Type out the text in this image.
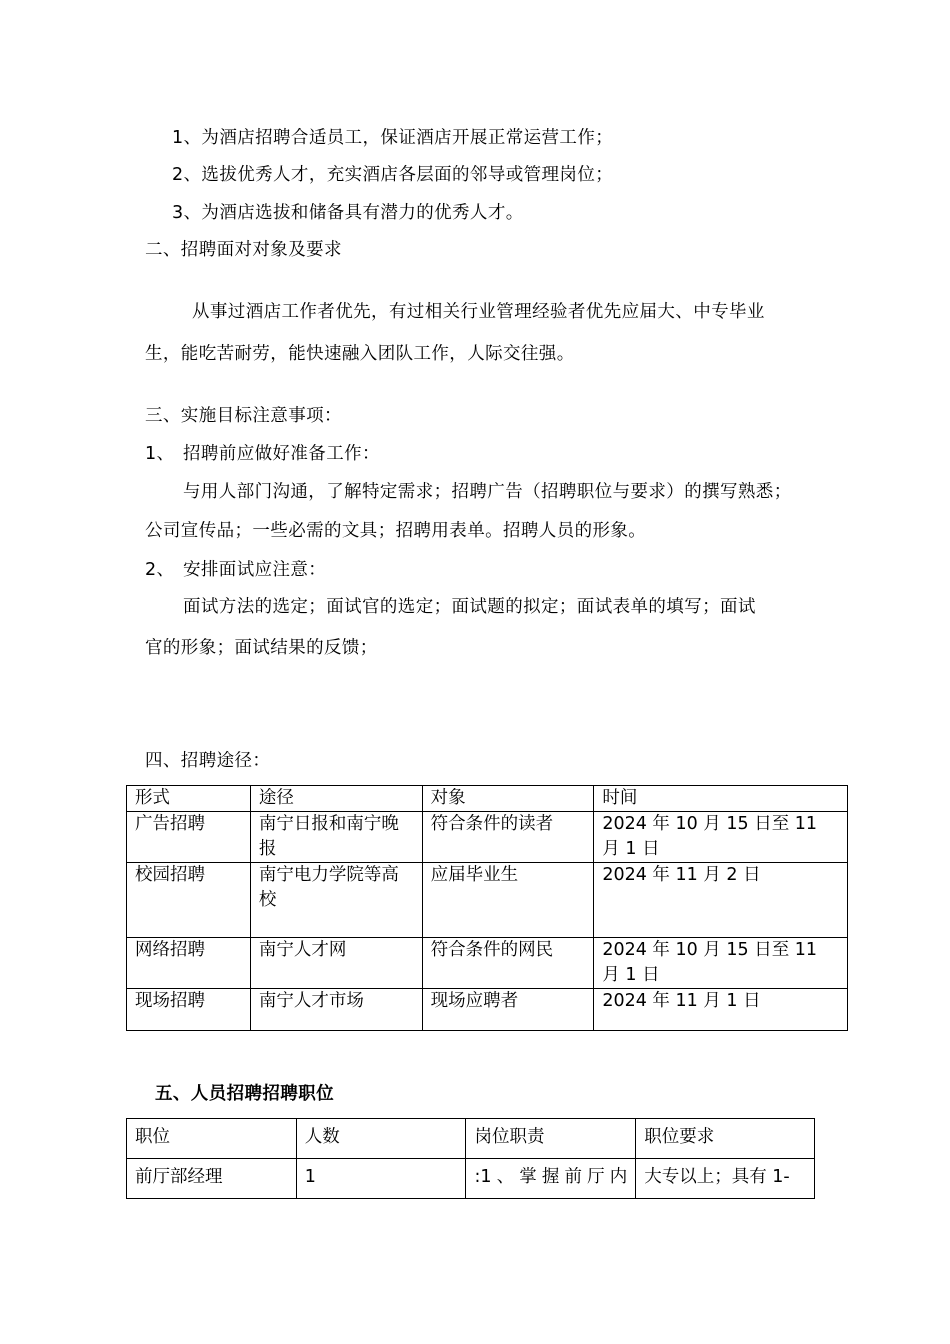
1、为酒店招聘合适员工，保证酒店开展正常运营工作；
2、选拔优秀人才，充实酒店各层面的邻导或管理岗位；
3、为酒店选拔和储备具有潜力的优秀人才。
二、招聘面对对象及要求
从事过酒店工作者优先，有过相关行业管理经验者优先应届大、中专毕业
生，能吃苦耐劳，能快速融入团队工作，人际交往强。
三、实施目标注意事项：
1、 招聘前应做好准备工作：
与用人部门沟通，了解特定需求；招聘广告（招聘职位与要求）的撰写熟悉；
公司宣传品；一些必需的文具；招聘用表单。招聘人员的形象。
2、 安排面试应注意：
面试方法的选定；面试官的选定；面试题的拟定；面试表单的填写；面试
官的形象；面试结果的反馈；
四、招聘途径：
形式	途径	对象	时间
广告招聘	南宁日报和南宁晚报	符合条件的读者	2024 年 10 月 15 日至 11 月 1 日
校园招聘	南宁电力学院等高校	应届毕业生	2024 年 11 月 2 日
网络招聘	南宁人才网	符合条件的网民	2024 年 10 月 15 日至 11 月 1 日
现场招聘	南宁人才市场	现场应聘者	2024 年 11 月 1 日
五、人员招聘招聘职位
职位	人数	岗位职责	职位要求
前厅部经理	1	:1、掌握前厅内	大专以上；具有 1-
